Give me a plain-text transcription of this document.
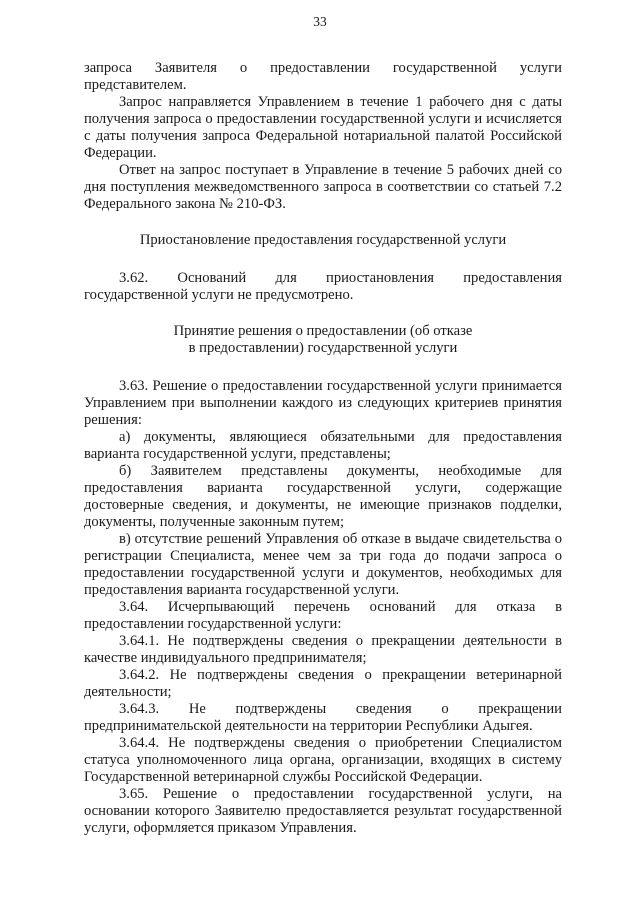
33

запроса Заявителя о предоставлении государственной услуги представителем.

Запрос направляется Управлением в течение 1 рабочего дня с даты получения запроса о предоставлении государственной услуги и исчисляется с даты получения запроса Федеральной нотариальной палатой Российской Федерации.

Ответ на запрос поступает в Управление в течение 5 рабочих дней со дня поступления межведомственного запроса в соответствии со статьей 7.2 Федерального закона № 210-ФЗ.

Приостановление предоставления государственной услуги

3.62. Оснований для приостановления предоставления государственной услуги не предусмотрено.

Принятие решения о предоставлении (об отказе

в предоставлении) государственной услуги

3.63. Решение о предоставлении государственной услуги принимается Управлением при выполнении каждого из следующих критериев принятия решения:

а) документы, являющиеся обязательными для предоставления варианта государственной услуги, представлены;

б) Заявителем представлены документы, необходимые для предоставления варианта государственной услуги, содержащие достоверные сведения, и документы, не имеющие признаков подделки, документы, полученные законным путем;

в) отсутствие решений Управления об отказе в выдаче свидетельства о регистрации Специалиста, менее чем за три года до подачи запроса о предоставлении государственной услуги и документов, необходимых для предоставления варианта государственной услуги.

3.64. Исчерпывающий перечень оснований для отказа в предоставлении государственной услуги:

3.64.1. Не подтверждены сведения о прекращении деятельности в качестве индивидуального предпринимателя;

3.64.2. Не подтверждены сведения о прекращении ветеринарной деятельности;

3.64.3. Не подтверждены сведения о прекращении предпринимательской деятельности на территории Республики Адыгея.

3.64.4. Не подтверждены сведения о приобретении Специалистом статуса уполномоченного лица органа, организации, входящих в систему Государственной ветеринарной службы Российской Федерации.

3.65. Решение о предоставлении государственной услуги, на основании которого Заявителю предоставляется результат государственной услуги, оформляется приказом Управления.
